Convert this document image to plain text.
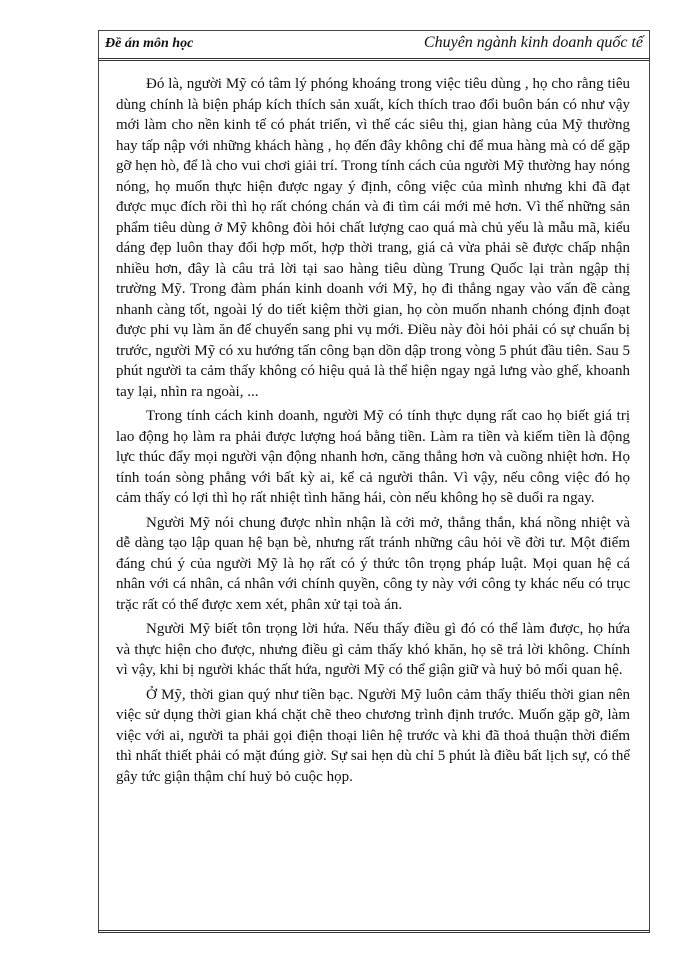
Đề án môn học	Chuyên ngành kinh doanh quốc tế

Đó là, người Mỹ có tâm lý phóng khoáng trong việc tiêu dùng , họ cho rằng tiêu dùng chính là biện pháp kích thích sản xuất, kích thích trao đổi buôn bán có như vậy mới làm cho nền kinh tế có phát triển, vì thế các siêu thị, gian hàng của Mỹ thường hay tấp nập với những khách hàng , họ đến đây không chỉ để mua hàng mà có dể gặp gỡ hẹn hò, để là cho vui chơi giải trí. Trong tính cách của người Mỹ thường hay nóng nóng, họ muốn thực hiện được ngay ý định, công việc của mình nhưng khi đã đạt được mục đích rồi thì họ rất chóng chán và đi tìm cái mới mẻ hơn. Vì thế những sản phẩm tiêu dùng ở Mỹ không đòi hỏi chất lượng cao quá mà chủ yếu là mẫu mã, kiểu dáng đẹp luôn thay đổi hợp mốt, hợp thời trang, giá cả vừa phải sẽ được chấp nhận nhiều hơn, đây là câu trả lời tại sao hàng tiêu dùng Trung Quốc lại tràn ngập thị trường Mỹ. Trong đàm phán kinh doanh với Mỹ, họ đi thẳng ngay vào vấn đề càng nhanh càng tốt, ngoài lý do tiết kiệm thời gian, họ còn muốn nhanh chóng định đoạt được phi vụ làm ăn để chuyển sang phi vụ mới. Điều này đòi hỏi phải có sự chuẩn bị trước, người Mỹ có xu hướng tấn công bạn dồn dập trong vòng 5 phút đầu tiên. Sau 5 phút người ta cảm thấy không có hiệu quả là thể hiện ngay ngả lưng vào ghế, khoanh tay lại, nhìn ra ngoài, ...

Trong tính cách kinh doanh, người Mỹ có tính thực dụng rất cao họ biết giá trị lao động họ làm ra phải được lượng hoá bằng tiền. Làm ra tiền và kiếm tiền là động lực thúc đẩy mọi người vận động nhanh hơn, căng thẳng hơn và cuồng nhiệt hơn. Họ tính toán sòng phẳng với bất kỳ ai, kể cả người thân. Vì vậy, nếu công việc đó họ cảm thấy có lợi thì họ rất nhiệt tình hăng hái, còn nếu không họ sẽ duổi ra ngay.

Người Mỹ nói chung được nhìn nhận là cởi mở, thẳng thắn, khá nồng nhiệt và dễ dàng tạo lập quan hệ bạn bè, nhưng rất tránh những câu hỏi về đời tư. Một điểm đáng chú ý của người Mỹ là họ rất có ý thức tôn trọng pháp luật. Mọi quan hệ cá nhân với cá nhân, cá nhân với chính quyền, công ty này với công ty khác nếu có trục trặc rất có thể được xem xét, phân xử tại toà án.

Người Mỹ biết tôn trọng lời hứa. Nếu thấy điều gì đó có thể làm được, họ hứa và thực hiện cho được, nhưng điều gì cảm thấy khó khăn, họ sẽ trả lời không. Chính vì vậy, khi bị người khác thất hứa, người Mỹ có thể giận giữ và huỷ bỏ mối quan hệ.

Ở Mỹ, thời gian quý như tiền bạc. Người Mỹ luôn cảm thấy thiếu thời gian nên việc sử dụng thời gian khá chặt chẽ theo chương trình định trước. Muốn gặp gỡ, làm việc với ai, người ta phải gọi điện thoại liên hệ trước và khi đã thoả thuận thời điểm thì nhất thiết phải có mặt đúng giờ. Sự sai hẹn dù chỉ 5 phút là điều bất lịch sự, có thể gây tức giận thậm chí huỷ bỏ cuộc họp.
